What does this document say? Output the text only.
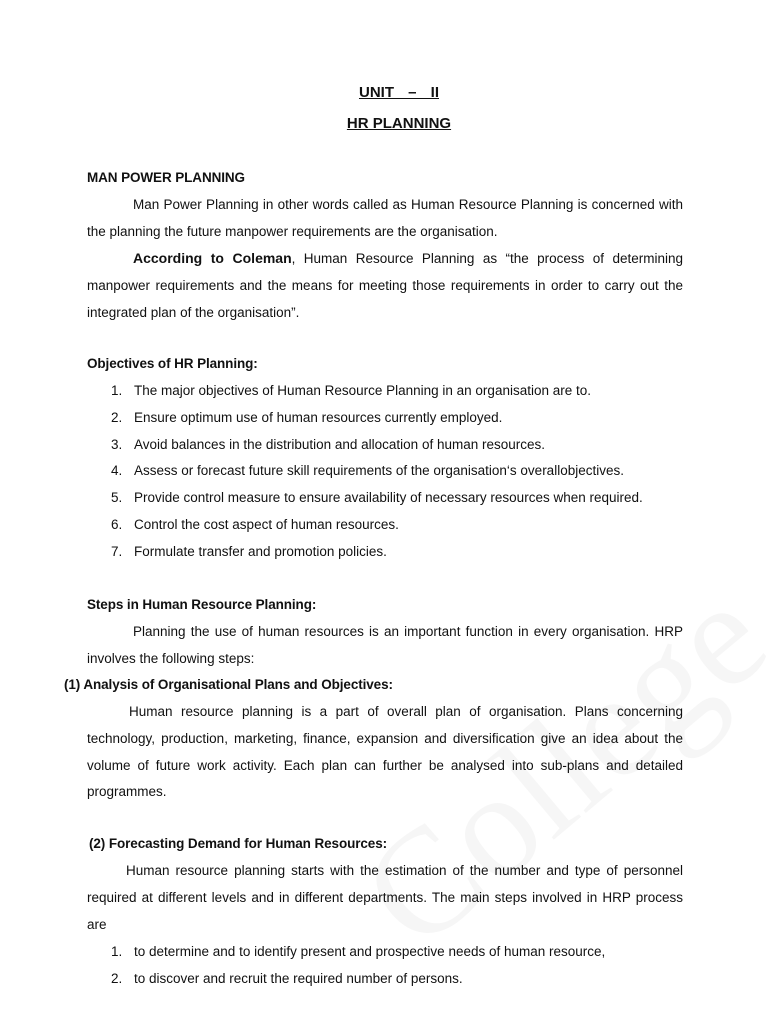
UNIT – II
HR PLANNING
MAN POWER PLANNING
Man Power Planning in other words called as Human Resource Planning is concerned with the planning the future manpower requirements are the organisation.
According to Coleman, Human Resource Planning as “the process of determining manpower requirements and the means for meeting those requirements in order to carry out the integrated plan of the organisation”.
Objectives of HR Planning:
1. The major objectives of Human Resource Planning in an organisation are to.
2. Ensure optimum use of human resources currently employed.
3. Avoid balances in the distribution and allocation of human resources.
4. Assess or forecast future skill requirements of the organisation‘s overallobjectives.
5. Provide control measure to ensure availability of necessary resources when required.
6. Control the cost aspect of human resources.
7. Formulate transfer and promotion policies.
Steps in Human Resource Planning:
Planning the use of human resources is an important function in every organisation. HRP involves the following steps:
(1) Analysis of Organisational Plans and Objectives:
Human resource planning is a part of overall plan of organisation. Plans concerning technology, production, marketing, finance, expansion and diversification give an idea about the volume of future work activity. Each plan can further be analysed into sub-plans and detailed programmes.
(2) Forecasting Demand for Human Resources:
Human resource planning starts with the estimation of the number and type of personnel required at different levels and in different departments. The main steps involved in HRP process are
1. to determine and to identify present and prospective needs of human resource,
2. to discover and recruit the required number of persons.
